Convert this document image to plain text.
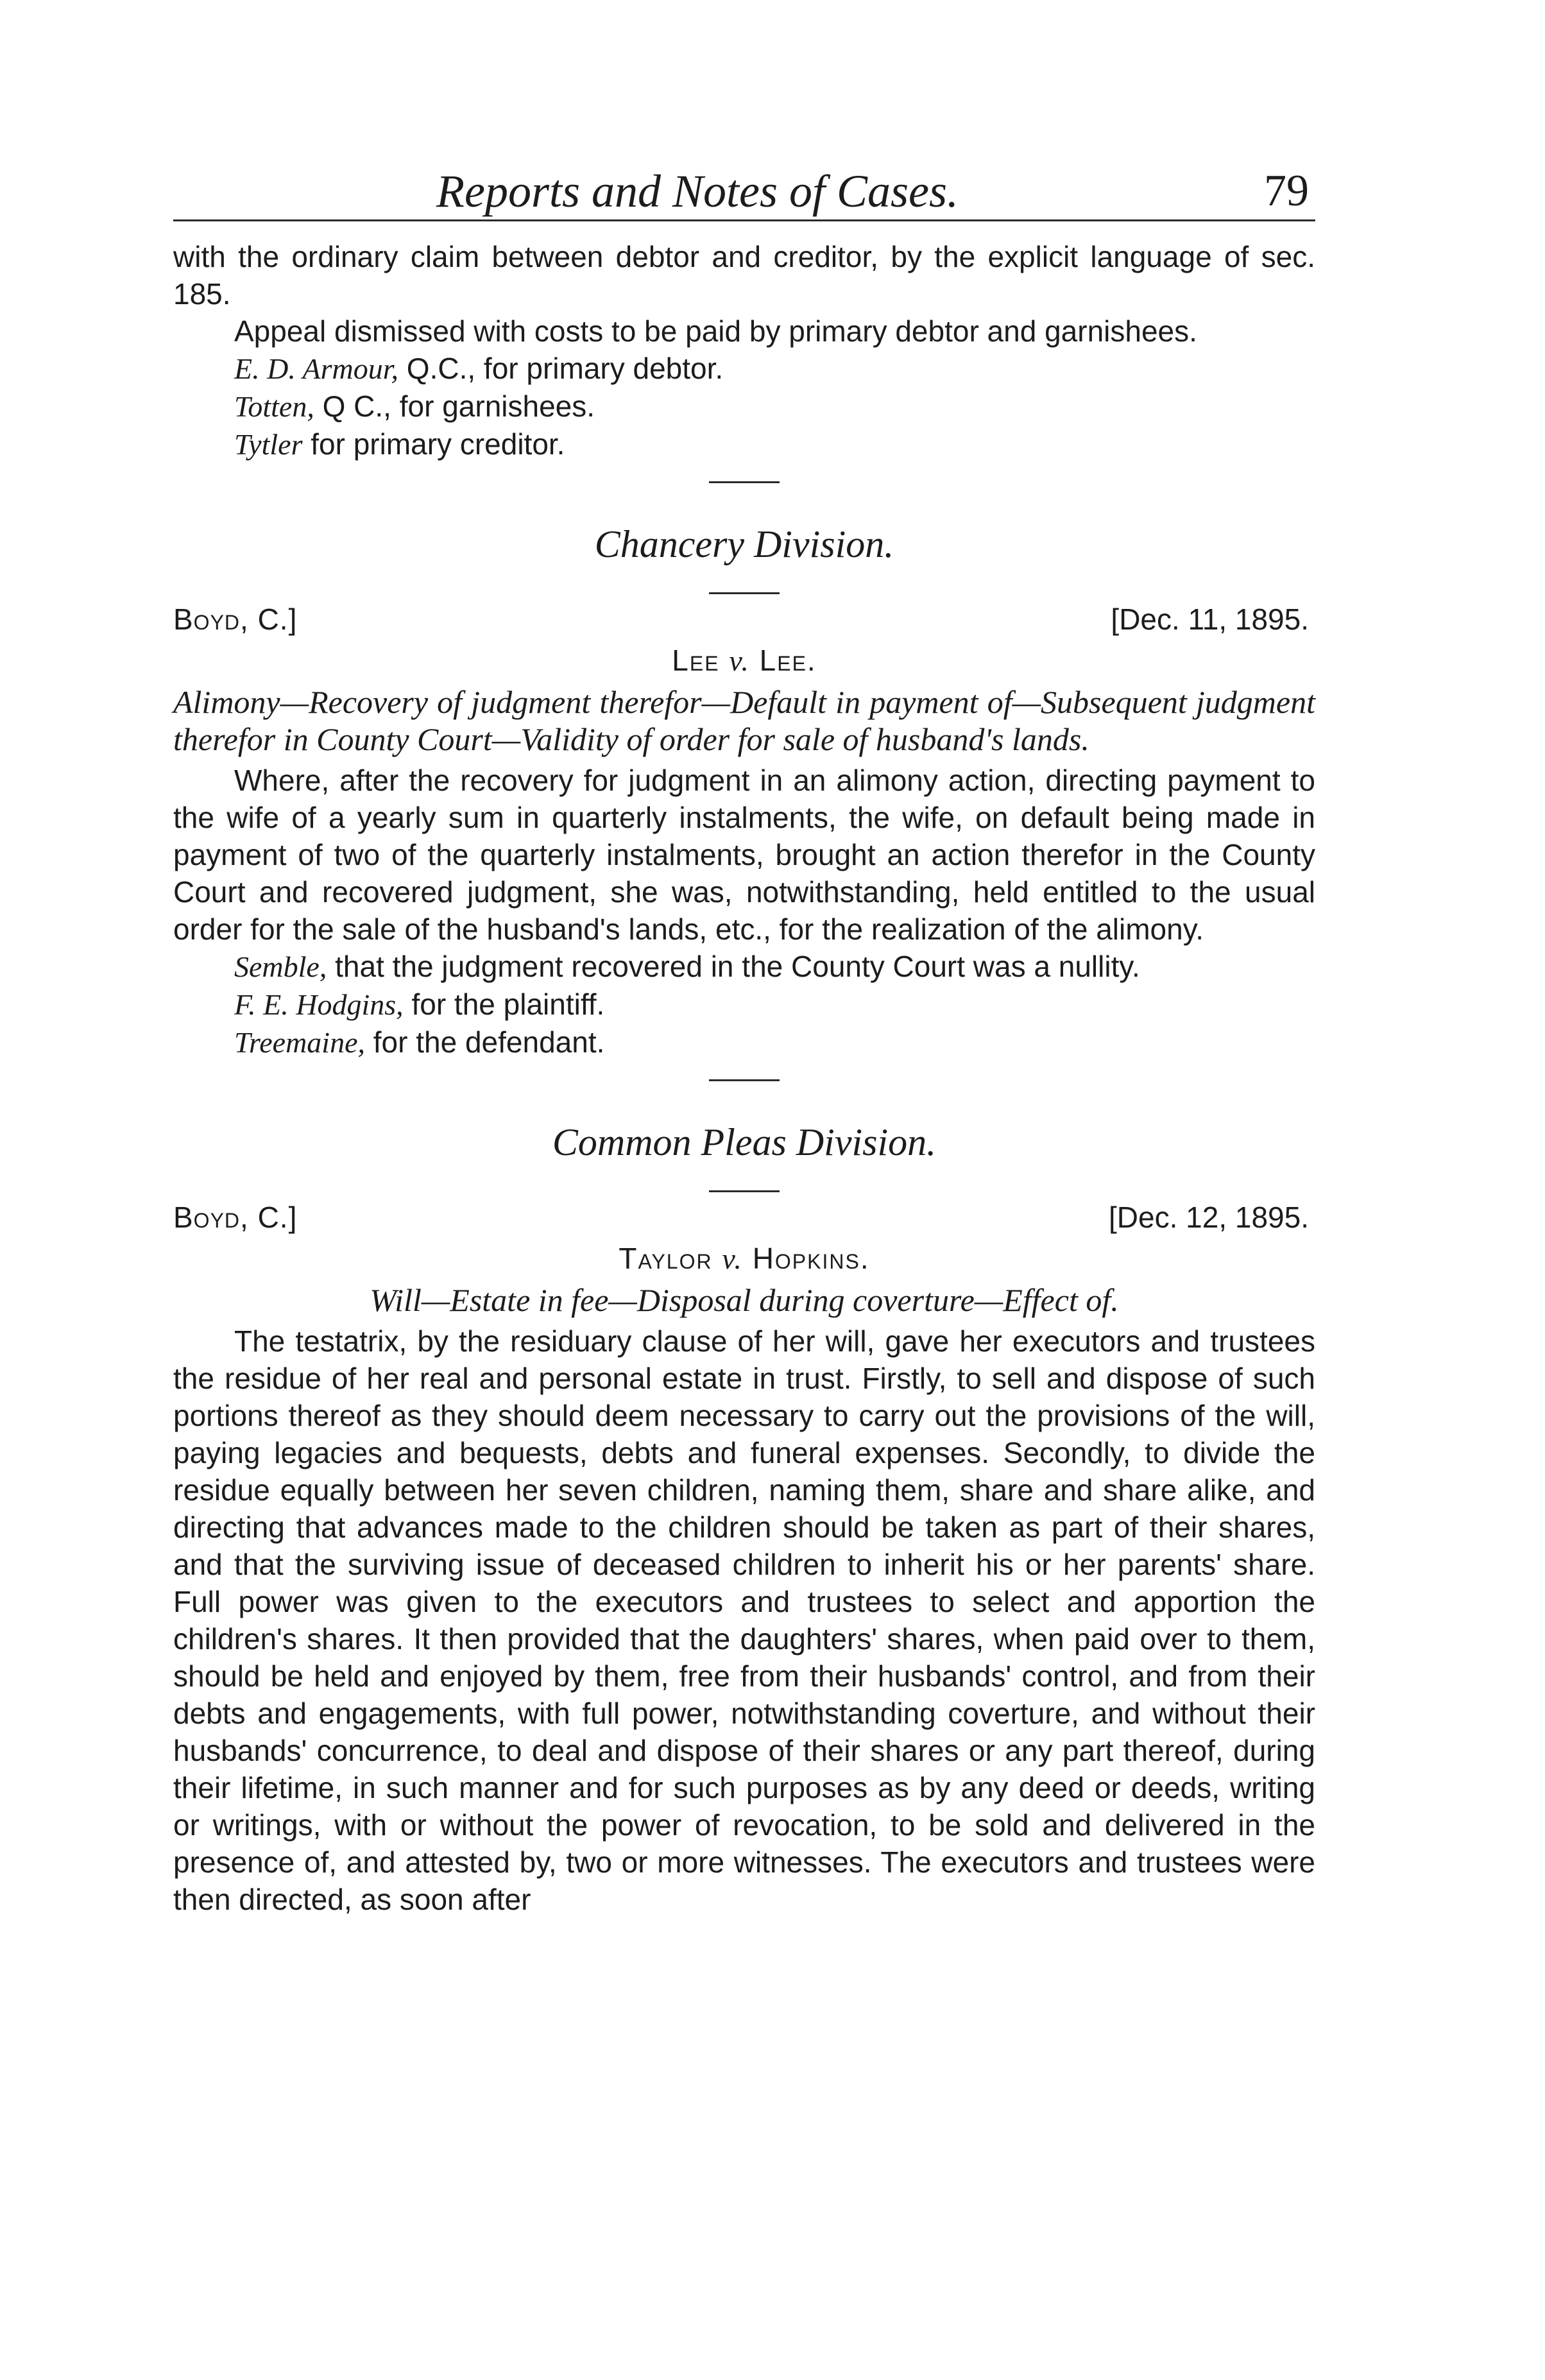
Reports and Notes of Cases.	79

with the ordinary claim between debtor and creditor, by the explicit language of sec. 185.

Appeal dismissed with costs to be paid by primary debtor and garnishees.

E. D. Armour, Q.C., for primary debtor.

Totten, Q C., for garnishees.

Tytler for primary creditor.

Chancery Division.
Boyd, C.]	[Dec. 11, 1895.
Lee v. Lee.

Alimony—Recovery of judgment therefor—Default in payment of—Subsequent judgment therefor in County Court—Validity of order for sale of husband's lands.

Where, after the recovery for judgment in an alimony action, directing payment to the wife of a yearly sum in quarterly instalments, the wife, on default being made in payment of two of the quarterly instalments, brought an action therefor in the County Court and recovered judgment, she was, notwithstanding, held entitled to the usual order for the sale of the husband's lands, etc., for the realization of the alimony.

Semble, that the judgment recovered in the County Court was a nullity.

F. E. Hodgins, for the plaintiff.

Treemaine, for the defendant.

Common Pleas Division.
Boyd, C.]	[Dec. 12, 1895.
Taylor v. Hopkins.

Will—Estate in fee—Disposal during coverture—Effect of.

The testatrix, by the residuary clause of her will, gave her executors and trustees the residue of her real and personal estate in trust. Firstly, to sell and dispose of such portions thereof as they should deem necessary to carry out the provisions of the will, paying legacies and bequests, debts and funeral expenses. Secondly, to divide the residue equally between her seven children, naming them, share and share alike, and directing that advances made to the children should be taken as part of their shares, and that the surviving issue of deceased children to inherit his or her parents' share. Full power was given to the executors and trustees to select and apportion the children's shares. It then provided that the daughters' shares, when paid over to them, should be held and enjoyed by them, free from their husbands' control, and from their debts and engagements, with full power, notwithstanding coverture, and without their husbands' concurrence, to deal and dispose of their shares or any part thereof, during their lifetime, in such manner and for such purposes as by any deed or deeds, writing or writings, with or without the power of revocation, to be sold and delivered in the presence of, and attested by, two or more witnesses. The executors and trustees were then directed, as soon after
